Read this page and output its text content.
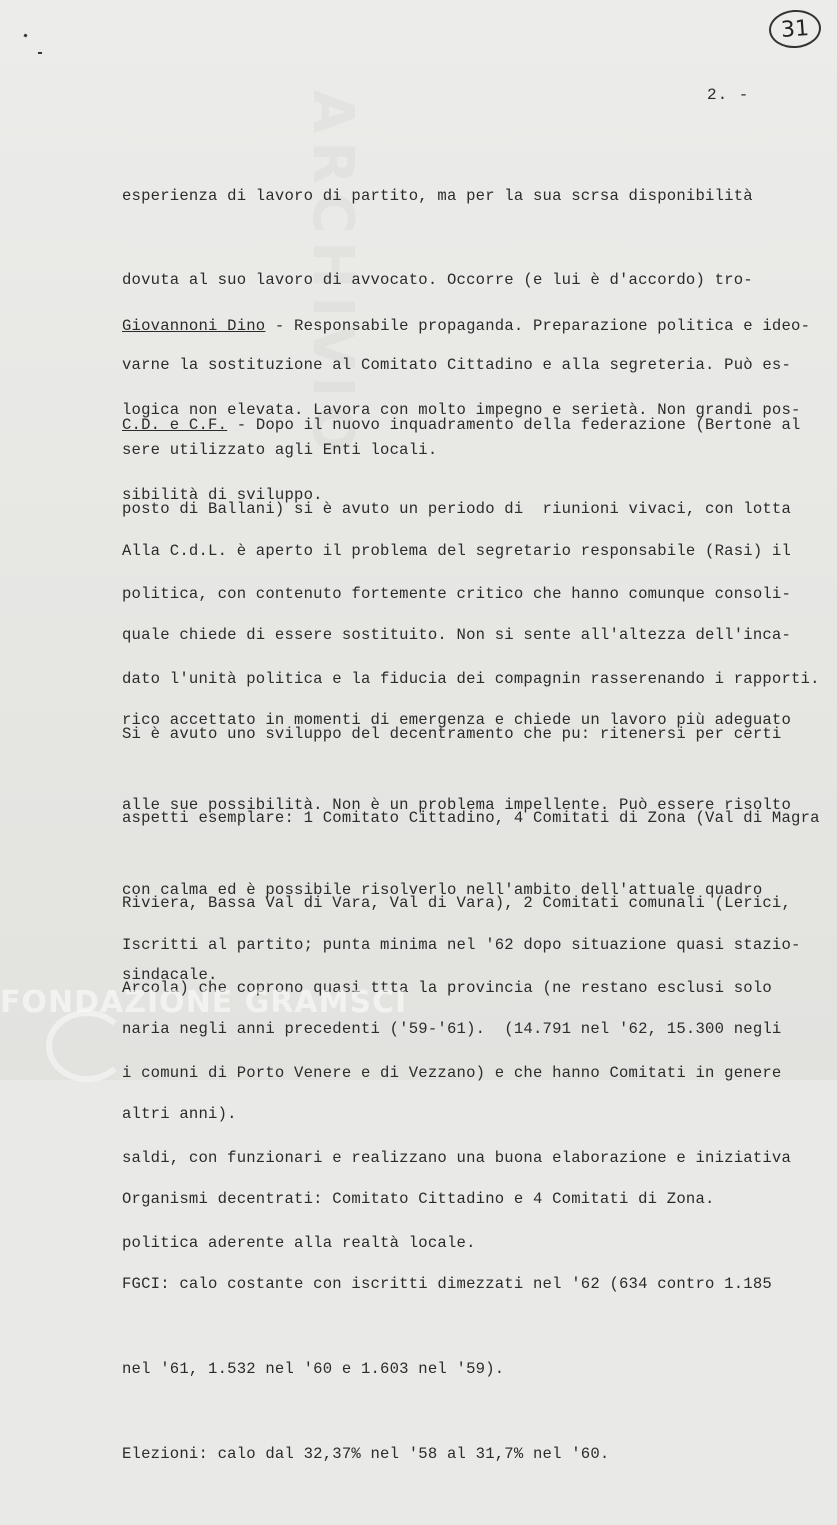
ARCHIVIO
31
2. -

esperienza di lavoro di partito, ma per la sua scrsa disponibilità

dovuta al suo lavoro di avvocato. Occorre (e lui è d'accordo) tro-

varne la sostituzione al Comitato Cittadino e alla segreteria. Può es-

sere utilizzato agli Enti locali.

Giovannoni Dino - Responsabile propaganda. Preparazione politica e ideo-

logica non elevata. Lavora con molto impegno e serietà. Non grandi pos-

sibilità di sviluppo.

C.D. e C.F. - Dopo il nuovo inquadramento della federazione (Bertone al

posto di Ballani) si è avuto un periodo di  riunioni vivaci, con lotta

politica, con contenuto fortemente critico che hanno comunque consoli-

dato l'unità politica e la fiducia dei compagnin rasserenando i rapporti.

Alla C.d.L. è aperto il problema del segretario responsabile (Rasi) il

quale chiede di essere sostituito. Non si sente all'altezza dell'inca-

rico accettato in momenti di emergenza e chiede un lavoro più adeguato

alle sue possibilità. Non è un problema impellente. Può essere risolto

con calma ed è possibile risolverlo nell'ambito dell'attuale quadro

sindacale.

Si è avuto uno sviluppo del decentramento che pu: ritenersi per certi

aspetti esemplare: 1 Comitato Cittadino, 4 Comitati di Zona (Val di Magra

Riviera, Bassa Val di Vara, Val di Vara), 2 Comitati comunali (Lerici,

Arcola) che coprono quasi ttta la provincia (ne restano esclusi solo

i comuni di Porto Venere e di Vezzano) e che hanno Comitati in genere

saldi, con funzionari e realizzano una buona elaborazione e iniziativa

politica aderente alla realtà locale.

Iscritti al partito; punta minima nel '62 dopo situazione quasi stazio-

naria negli anni precedenti ('59-'61).  (14.791 nel '62, 15.300 negli

altri anni).

Organismi decentrati: Comitato Cittadino e 4 Comitati di Zona.

FGCI: calo costante con iscritti dimezzati nel '62 (634 contro 1.185

nel '61, 1.532 nel '60 e 1.603 nel '59).

Elezioni: calo dal 32,37% nel '58 al 31,7% nel '60.

FONDAZIONE GRAMSCI
